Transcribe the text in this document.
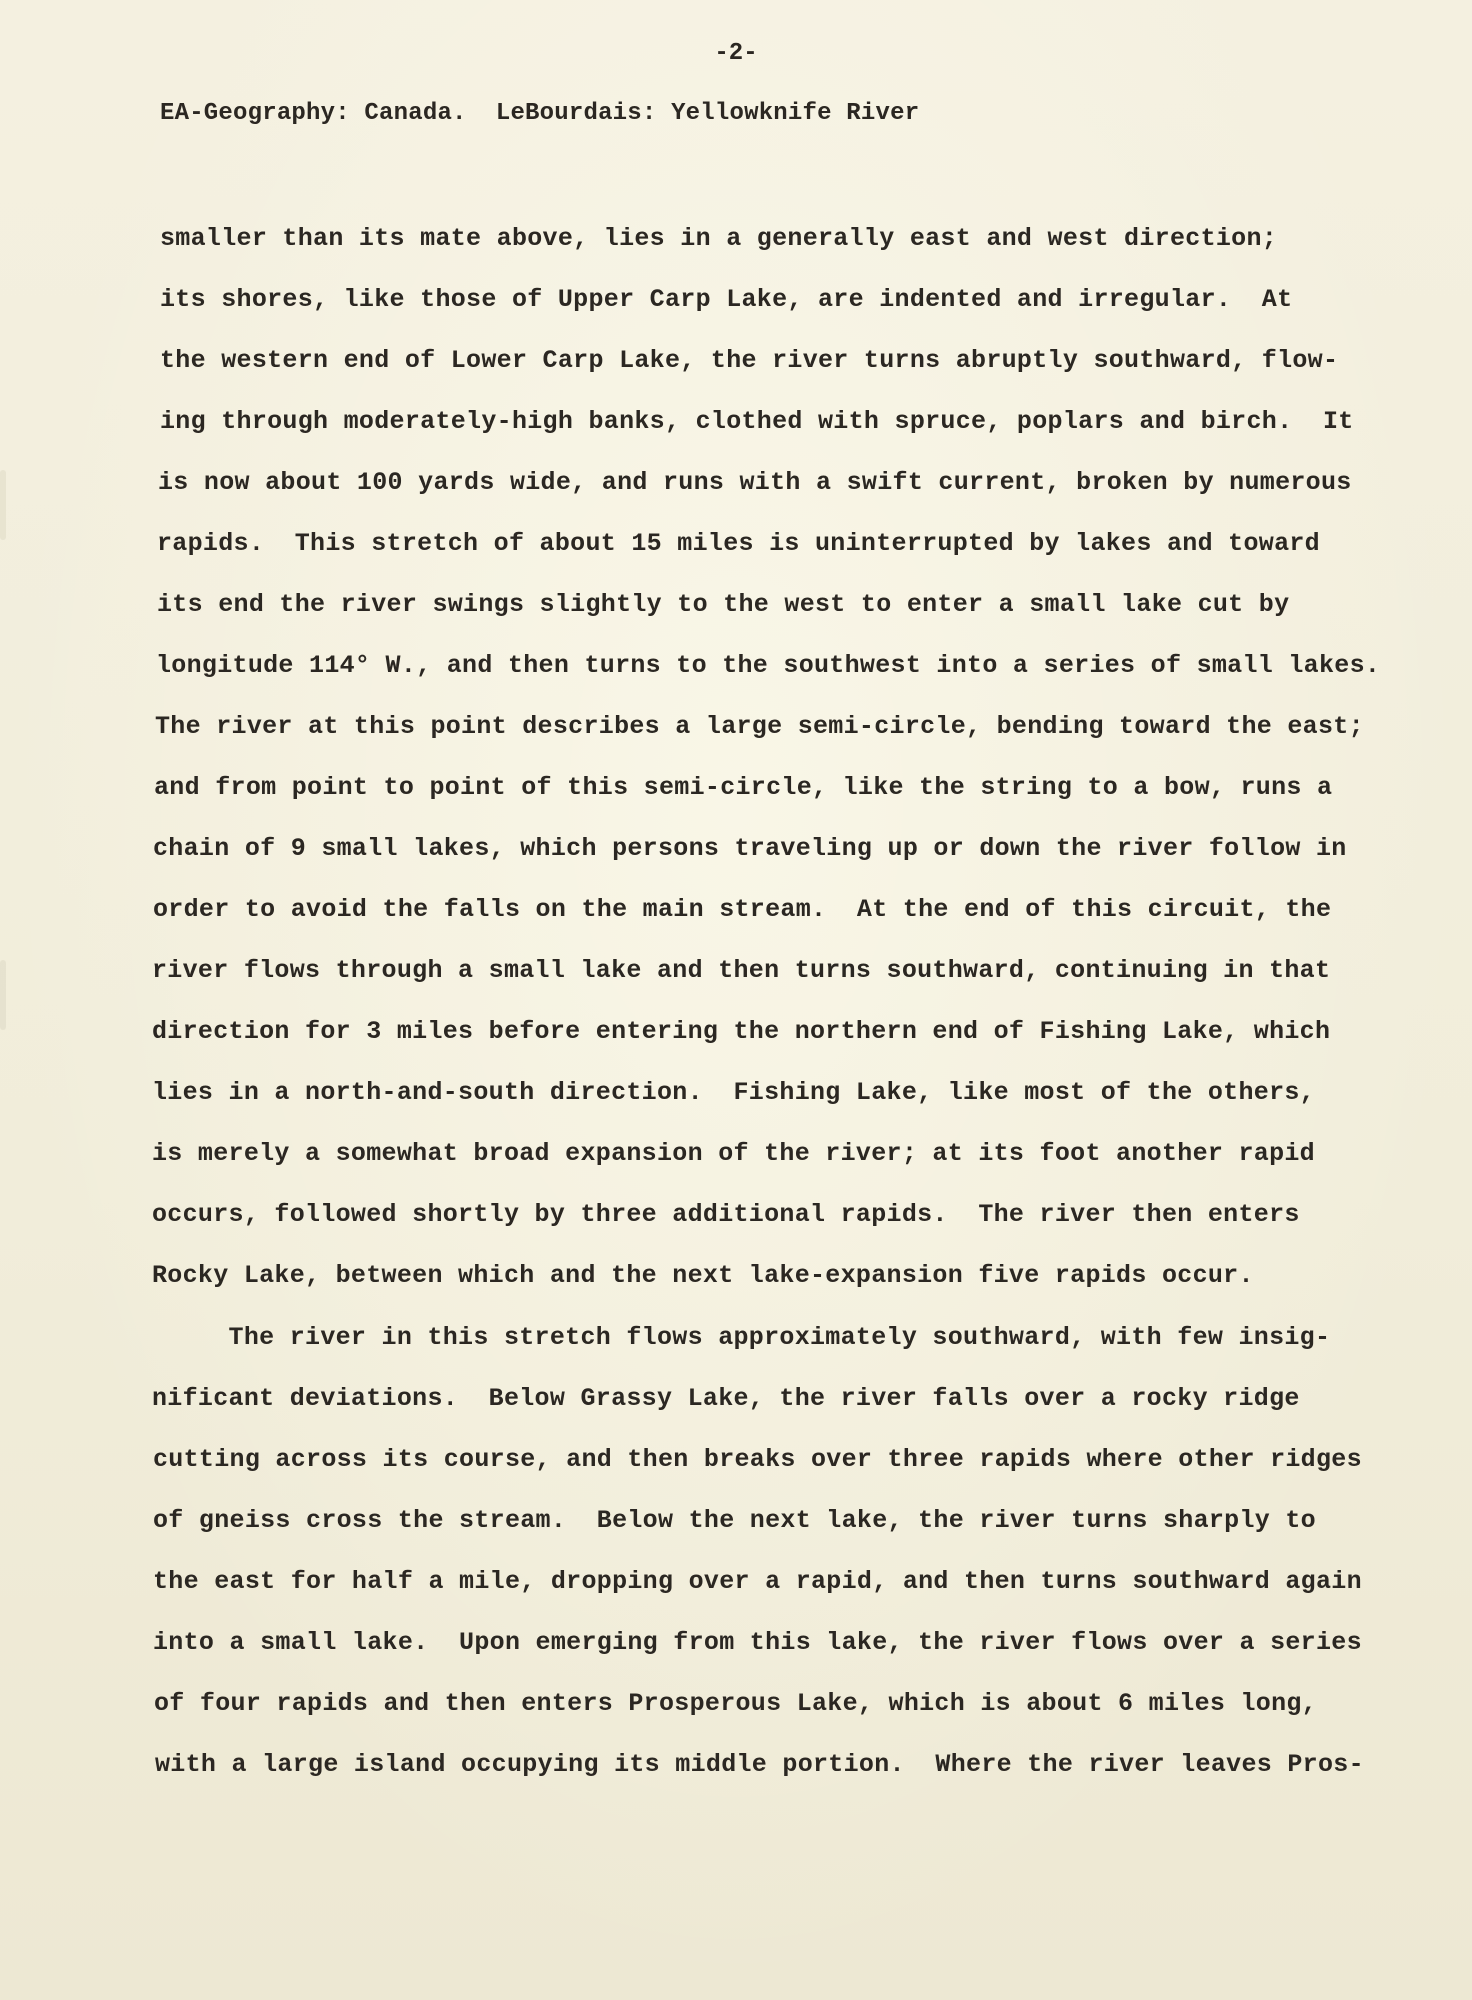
-2-
EA-Geography: Canada.  LeBourdais: Yellowknife River
smaller than its mate above, lies in a generally east and west direction;
its shores, like those of Upper Carp Lake, are indented and irregular.  At
the western end of Lower Carp Lake, the river turns abruptly southward, flow-
ing through moderately-high banks, clothed with spruce, poplars and birch.  It
is now about 100 yards wide, and runs with a swift current, broken by numerous
rapids.  This stretch of about 15 miles is uninterrupted by lakes and toward
its end the river swings slightly to the west to enter a small lake cut by
longitude 114° W., and then turns to the southwest into a series of small lakes.
The river at this point describes a large semi-circle, bending toward the east;
and from point to point of this semi-circle, like the string to a bow, runs a
chain of 9 small lakes, which persons traveling up or down the river follow in
order to avoid the falls on the main stream.  At the end of this circuit, the
river flows through a small lake and then turns southward, continuing in that
direction for 3 miles before entering the northern end of Fishing Lake, which
lies in a north-and-south direction.  Fishing Lake, like most of the others,
is merely a somewhat broad expansion of the river; at its foot another rapid
occurs, followed shortly by three additional rapids.  The river then enters
Rocky Lake, between which and the next lake-expansion five rapids occur.
The river in this stretch flows approximately southward, with few insig-
nificant deviations.  Below Grassy Lake, the river falls over a rocky ridge
cutting across its course, and then breaks over three rapids where other ridges
of gneiss cross the stream.  Below the next lake, the river turns sharply to
the east for half a mile, dropping over a rapid, and then turns southward again
into a small lake.  Upon emerging from this lake, the river flows over a series
of four rapids and then enters Prosperous Lake, which is about 6 miles long,
with a large island occupying its middle portion.  Where the river leaves Pros-
